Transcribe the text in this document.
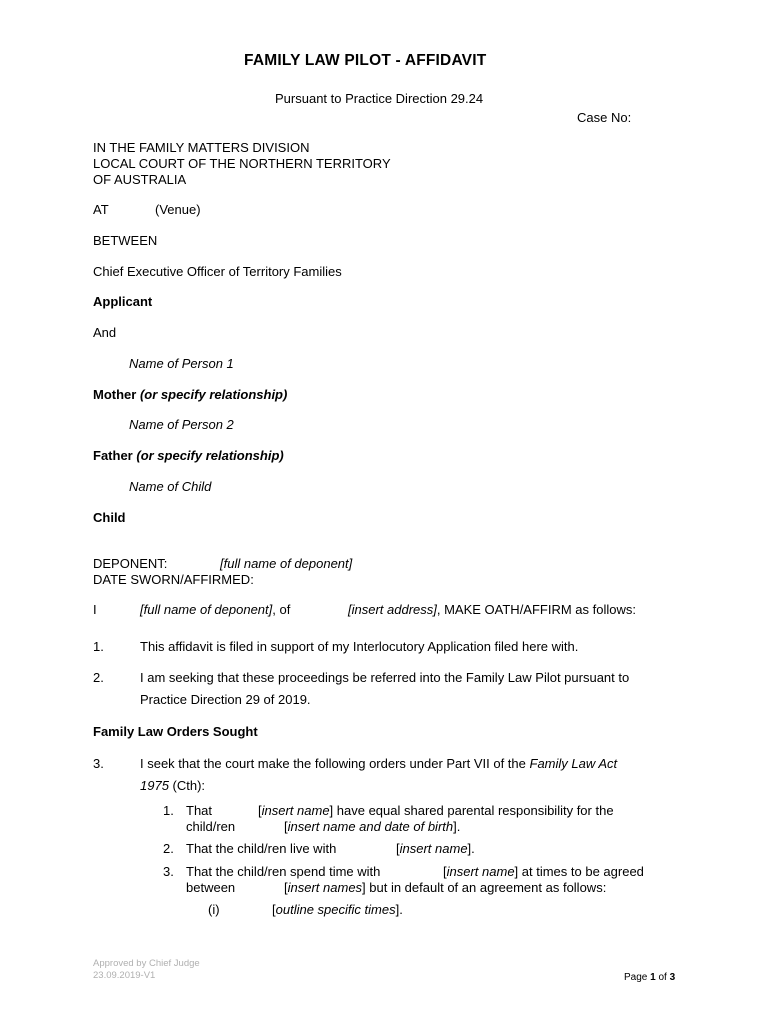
FAMILY LAW PILOT - AFFIDAVIT
Pursuant to Practice Direction 29.24
Case No:
IN THE FAMILY MATTERS DIVISION
LOCAL COURT OF THE NORTHERN TERRITORY
OF AUSTRALIA
AT	(Venue)
BETWEEN
Chief Executive Officer of Territory Families
Applicant
And
Name of Person 1
Mother (or specify relationship)
Name of Person 2
Father (or specify relationship)
Name of Child
Child
DEPONENT:	[full name of deponent]
DATE SWORN/AFFIRMED:
I	[full name of deponent], of	[insert address], MAKE OATH/AFFIRM as follows:
1.	This affidavit is filed in support of my Interlocutory Application filed here with.
2.	I am seeking that these proceedings be referred into the Family Law Pilot pursuant to
Practice Direction 29 of 2019.
Family Law Orders Sought
3.	I seek that the court make the following orders under Part VII of the Family Law Act
1975 (Cth):
1. That	[insert name] have equal shared parental responsibility for the
child/ren	[insert name and date of birth].
2. That the child/ren live with	[insert name].
3. That the child/ren spend time with	[insert name] at times to be agreed
between	[insert names] but in default of an agreement as follows:
(i)	[outline specific times].
Approved by Chief Judge
23.09.2019-V1	Page 1 of 3
